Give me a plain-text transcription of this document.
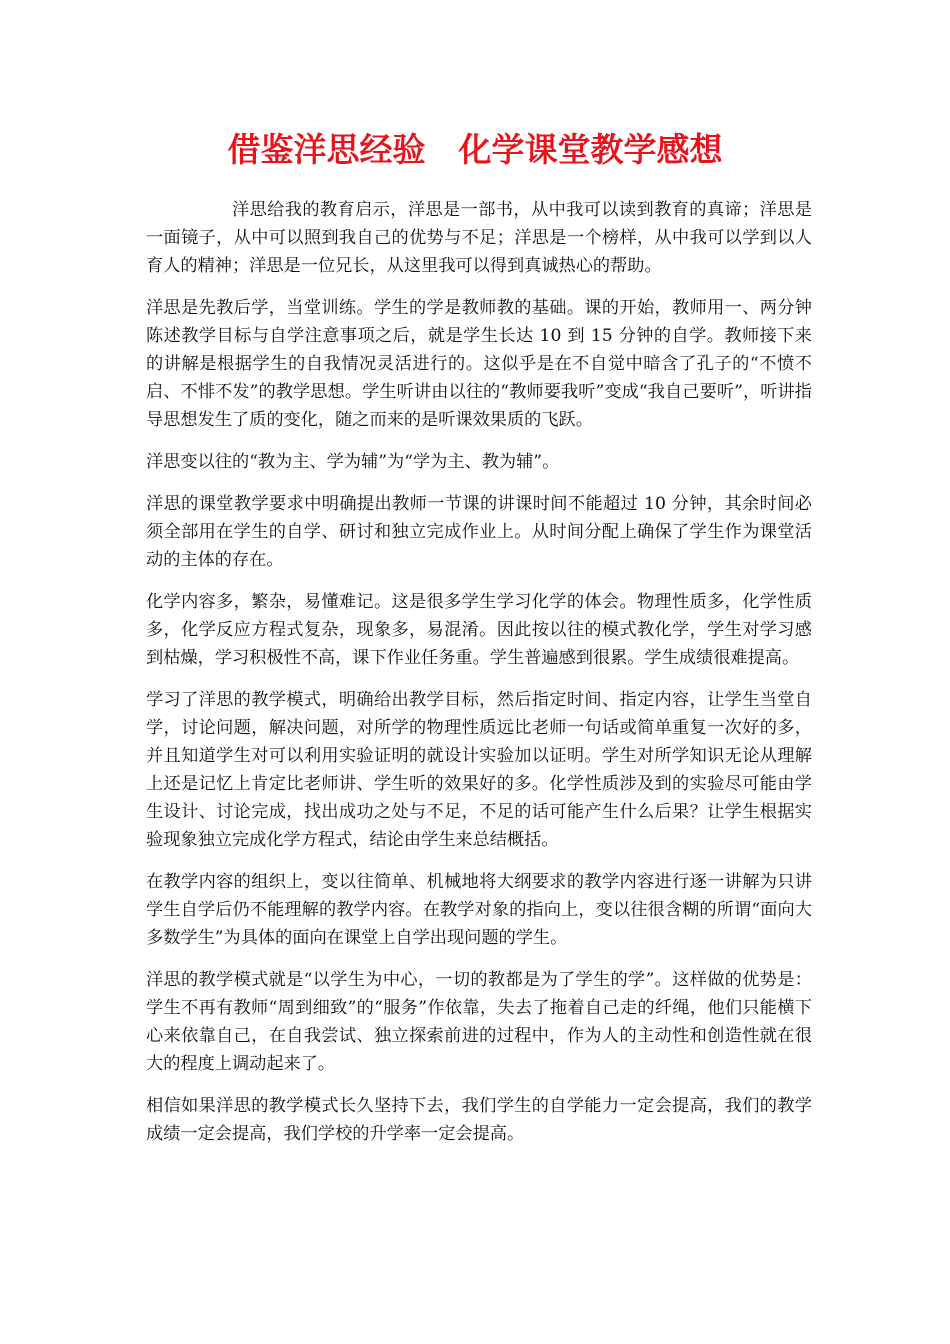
借鉴洋思经验　化学课堂教学感想

洋思给我的教育启示，洋思是一部书，从中我可以读到教育的真谛；洋思是一面镜子，从中可以照到我自己的优势与不足；洋思是一个榜样，从中我可以学到以人育人的精神；洋思是一位兄长，从这里我可以得到真诚热心的帮助。

洋思是先教后学，当堂训练。学生的学是教师教的基础。课的开始，教师用一、两分钟陈述教学目标与自学注意事项之后，就是学生长达 10 到 15 分钟的自学。教师接下来的讲解是根据学生的自我情况灵活进行的。这似乎是在不自觉中暗含了孔子的“不愤不启、不悱不发”的教学思想。学生听讲由以往的“教师要我听”变成“我自己要听”，听讲指导思想发生了质的变化，随之而来的是听课效果质的飞跃。

洋思变以往的“教为主、学为辅”为“学为主、教为辅”。

洋思的课堂教学要求中明确提出教师一节课的讲课时间不能超过 10 分钟，其余时间必须全部用在学生的自学、研讨和独立完成作业上。从时间分配上确保了学生作为课堂活动的主体的存在。

化学内容多，繁杂，易懂难记。这是很多学生学习化学的体会。物理性质多，化学性质多，化学反应方程式复杂，现象多，易混淆。因此按以往的模式教化学，学生对学习感到枯燥，学习积极性不高，课下作业任务重。学生普遍感到很累。学生成绩很难提高。

学习了洋思的教学模式，明确给出教学目标，然后指定时间、指定内容，让学生当堂自学，讨论问题，解决问题，对所学的物理性质远比老师一句话或简单重复一次好的多，并且知道学生对可以利用实验证明的就设计实验加以证明。学生对所学知识无论从理解上还是记忆上肯定比老师讲、学生听的效果好的多。化学性质涉及到的实验尽可能由学生设计、讨论完成，找出成功之处与不足，不足的话可能产生什么后果？让学生根据实验现象独立完成化学方程式，结论由学生来总结概括。

在教学内容的组织上，变以往简单、机械地将大纲要求的教学内容进行逐一讲解为只讲学生自学后仍不能理解的教学内容。在教学对象的指向上，变以往很含糊的所谓“面向大多数学生”为具体的面向在课堂上自学出现问题的学生。

洋思的教学模式就是“以学生为中心，一切的教都是为了学生的学”。这样做的优势是：学生不再有教师“周到细致”的“服务”作依靠，失去了拖着自己走的纤绳，他们只能横下心来依靠自己，在自我尝试、独立探索前进的过程中，作为人的主动性和创造性就在很大的程度上调动起来了。

相信如果洋思的教学模式长久坚持下去，我们学生的自学能力一定会提高，我们的教学成绩一定会提高，我们学校的升学率一定会提高。
